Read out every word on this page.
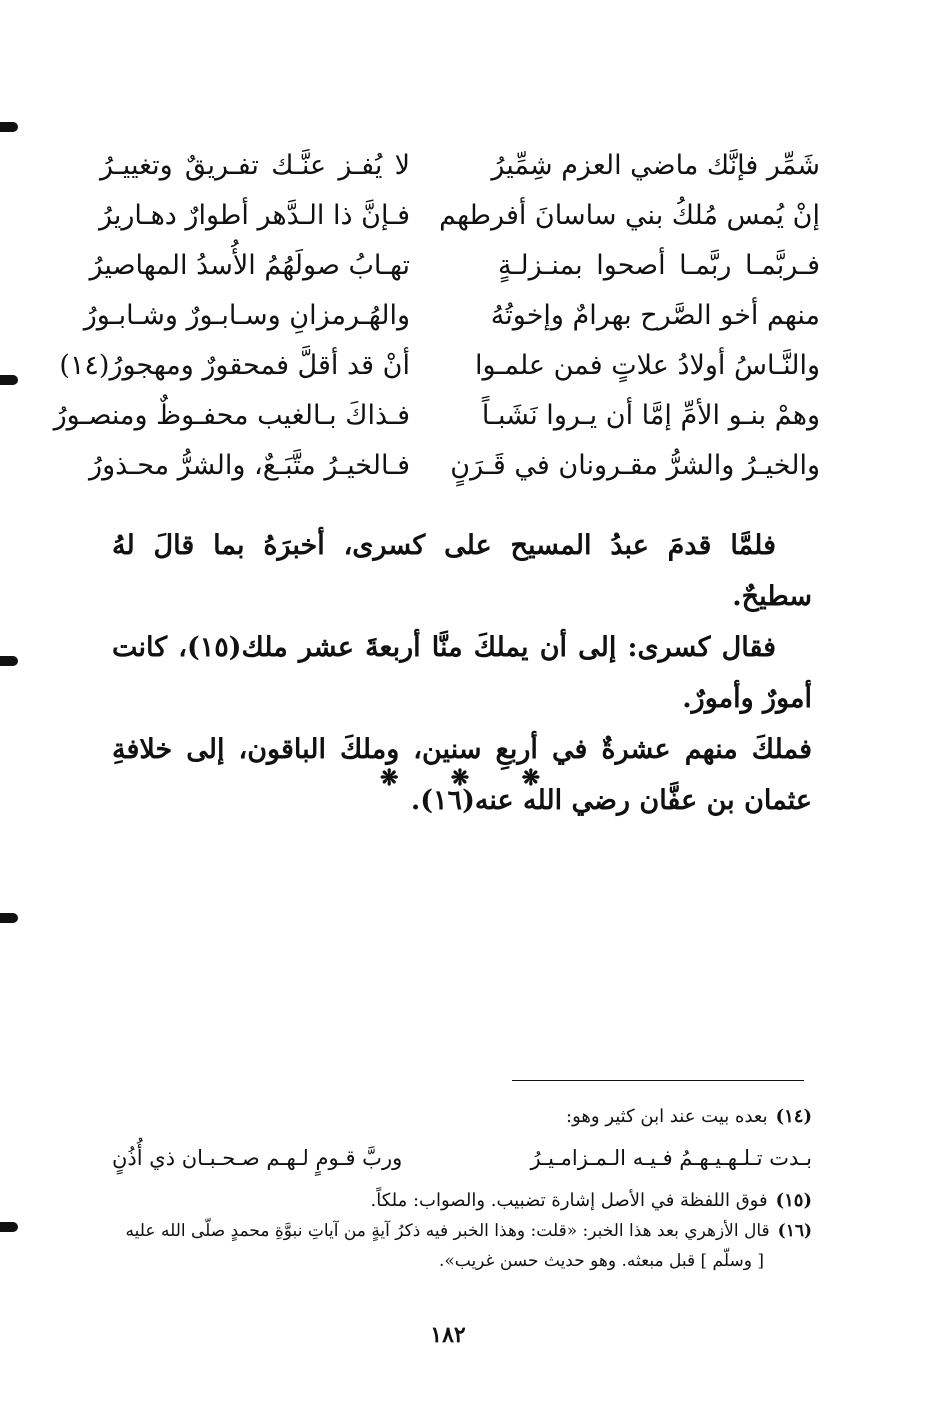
شَمِّر فإنَّك ماضي العزم شِمِّيرُ
لا يُفـز عنَّـك تفـريقٌ وتغييـرُ
إنْ يُمس مُلكُ بني ساسانَ أفرطهم
فـإنَّ ذا الـدَّهر أطوارٌ دهـاريرُ
فـربَّمـا ربَّمـا أصحوا بمنـزلـةٍ
تهـابُ صولَهُمُ الأُسدُ المهاصيرُ
منهم أخو الصَّرح بهرامٌ وإخوتُهُ
والهُـرمزانِ وسـابـورٌ وشـابـورُ
والنَّـاسُ أولادُ علاتٍ فمن علمـوا
أنْ قد أقلَّ فمحقورٌ ومهجورُ(١٤)
وهمْ بنـو الأمِّ إمَّا أن يـروا نَشَبـاً
فـذاكَ بـالغيب محفـوظٌ ومنصـورُ
والخيـرُ والشرُّ مقـرونان في قَـرَنٍ
فـالخيـرُ متَّبَـعٌ، والشرُّ محـذورُ

فلمَّا قدمَ عبدُ المسيح على كسرى، أخبرَهُ بما قالَ لهُ سطيحٌ.

فقال كسرى: إلى أن يملكَ منَّا أربعةَ عشر ملك(١٥)، كانت أمورٌ وأمورٌ.

فملكَ منهم عشرةٌ في أربعِ سنين، وملكَ الباقون، إلى خلافةِ عثمان بن عفَّان رضي الله عنه(١٦).

❋ ❋ ❋
(١٤)بعده بيت عند ابن كثير وهو:
وربَّ قـومٍ لـهـم صـحـبـان ذي أُذُنٍ	بـدت تـلـهـيـهـمُ فـيـه الـمـزامـيـرُ
(١٥)فوق اللفظة في الأصل إشارة تضبيب. والصواب: ملكاً.
(١٦)قال الأزهري بعد هذا الخبر: «قلت: وهذا الخبر فيه ذكرُ آيةٍ من آياتِ نبوَّةِ محمدٍ صلّى الله عليه
[ وسلّم ] قبل مبعثه. وهو حديث حسن غريب».
١٨٢
